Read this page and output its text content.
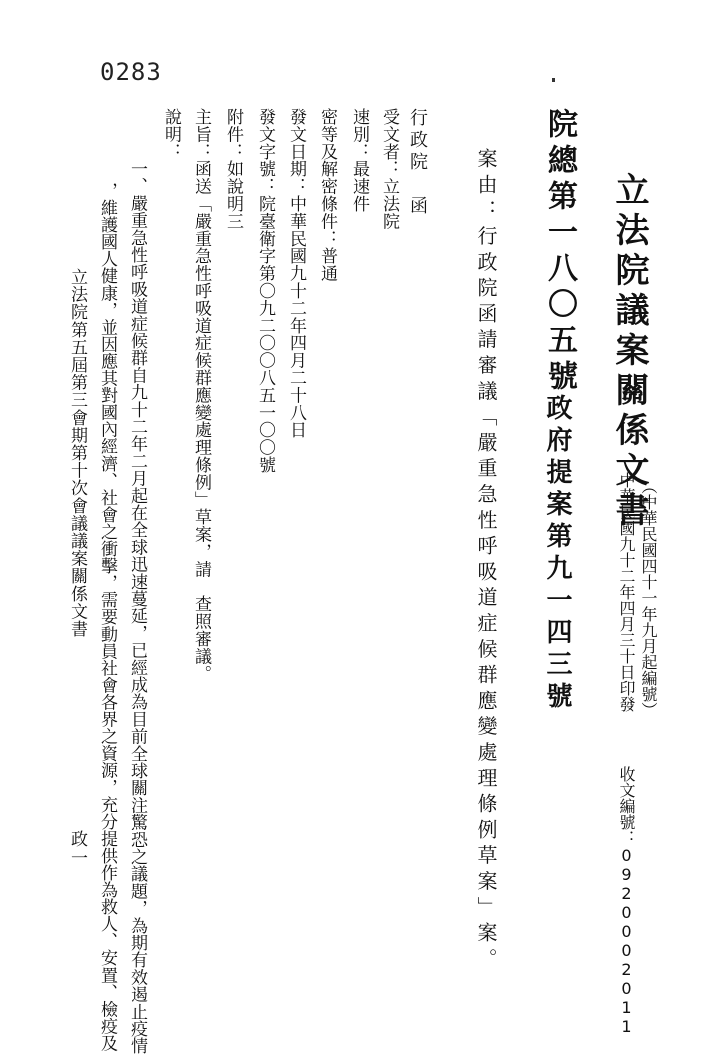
0283
立法院議案關係文書
（中華民國四十一年九月起編號）
中華民國九十二年四月三十日印發
收文編號：0920002011
院總第一八〇五號
政府提案第九一四三號
案由：行政院函請審議「嚴重急性呼吸道症候群應變處理條例草案」案。
行政院　函
受文者：立法院
速別：最速件
密等及解密條件：普通
發文日期：中華民國九十二年四月二十八日
發文字號：院臺衛字第〇九二〇〇八五一〇〇號
附件：如說明三
主旨：函送「嚴重急性呼吸道症候群應變處理條例」草案，請　查照審議。
說明：
一、嚴重急性呼吸道症候群自九十二年二月起在全球迅速蔓延，已經成為目前全球關注驚恐之議題，為期有效遏止疫情
，維護國人健康，並因應其對國內經濟、社會之衝擊，需要動員社會各界之資源，充分提供作為救人、安置、檢疫及
立法院第五屆第三會期第十次會議議案關係文書
政一
